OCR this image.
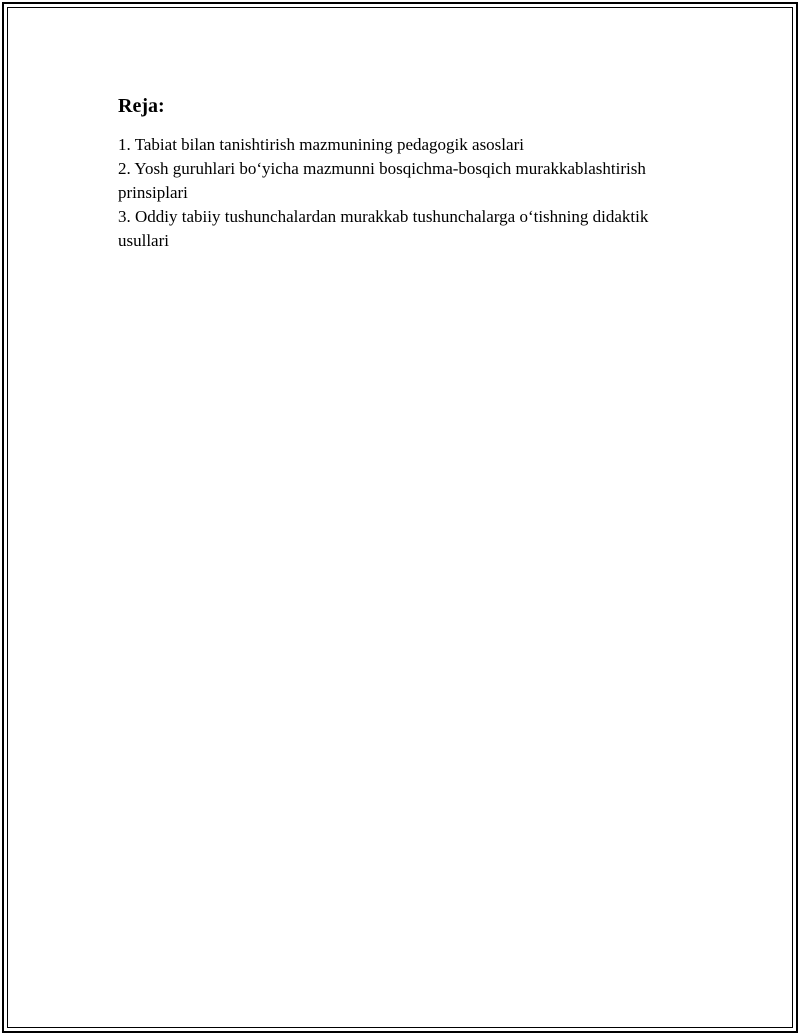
Reja:
1. Tabiat bilan tanishtirish mazmunining pedagogik asoslari
2. Yosh guruhlari bo‘yicha mazmunni bosqichma-bosqich murakkablashtirish prinsiplari
3. Oddiy tabiiy tushunchalardan murakkab tushunchalarga o‘tishning didaktik usullari
